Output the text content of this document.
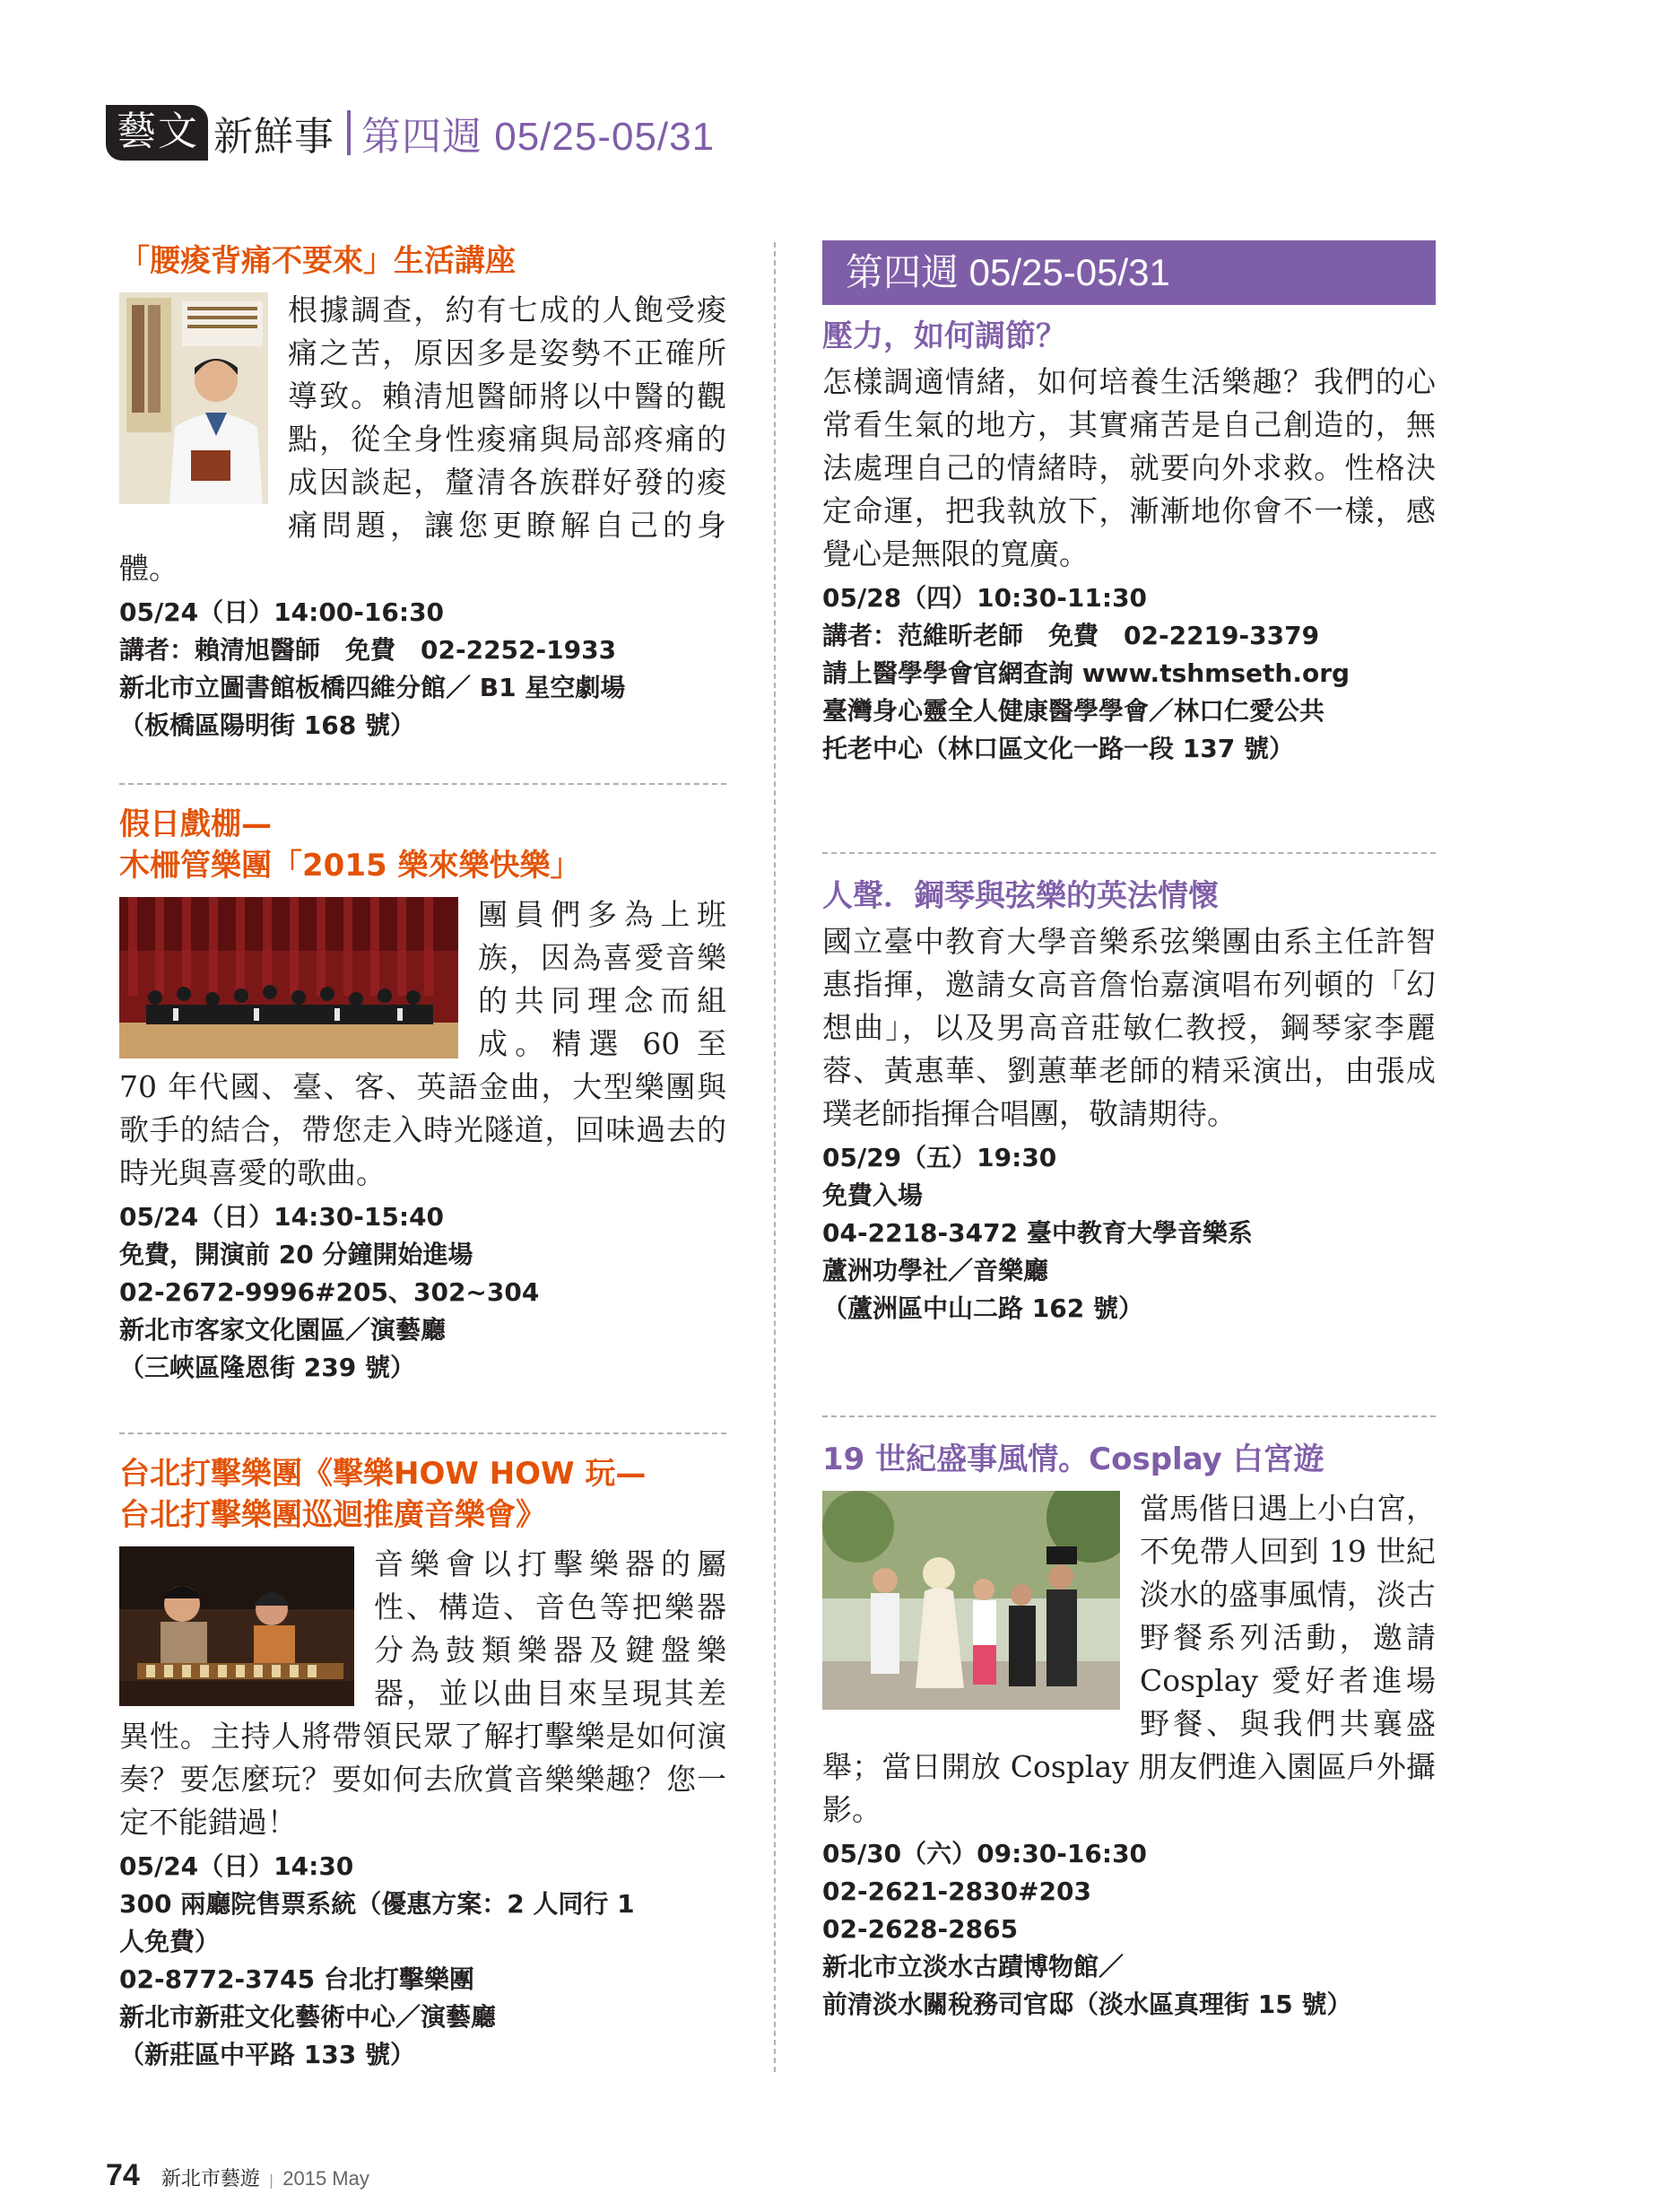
藝文 新鮮事 第四週 05/25-05/31
「腰痠背痛不要來」生活講座
根據調查，約有七成的人飽受痠痛之苦，原因多是姿勢不正確所導致。賴清旭醫師將以中醫的觀點，從全身性痠痛與局部疼痛的成因談起，釐清各族群好發的痠痛問題，讓您更瞭解自己的身體。
05/24（日）14:00-16:30
講者：賴清旭醫師　免費　02-2252-1933
新北市立圖書館板橋四維分館／ B1 星空劇場
（板橋區陽明街 168 號）
假日戲棚—
木柵管樂團「2015 樂來樂快樂」
團員們多為上班族，因為喜愛音樂的共同理念而組成。精選 60 至 70 年代國、臺、客、英語金曲，大型樂團與歌手的結合，帶您走入時光隧道，回味過去的時光與喜愛的歌曲。
05/24（日）14:30-15:40
免費，開演前 20 分鐘開始進場
02-2672-9996#205、302~304
新北市客家文化園區／演藝廳
（三峽區隆恩街 239 號）
台北打擊樂團《擊樂HOW HOW 玩—
台北打擊樂團巡迴推廣音樂會》
音樂會以打擊樂器的屬性、構造、音色等把樂器分為鼓類樂器及鍵盤樂器，並以曲目來呈現其差異性。主持人將帶領民眾了解打擊樂是如何演奏？要怎麼玩？要如何去欣賞音樂樂趣？您一定不能錯過！
05/24（日）14:30
300 兩廳院售票系統（優惠方案：2 人同行 1
人免費）
02-8772-3745 台北打擊樂團
新北市新莊文化藝術中心／演藝廳
（新莊區中平路 133 號）
第四週 05/25-05/31
壓力，如何調節？
怎樣調適情緒，如何培養生活樂趣？我們的心常看生氣的地方，其實痛苦是自己創造的，無法處理自己的情緒時，就要向外求救。性格決定命運，把我執放下，漸漸地你會不一樣，感覺心是無限的寬廣。
05/28（四）10:30-11:30
講者：范維昕老師　免費　02-2219-3379
請上醫學學會官網查詢 www.tshmseth.org
臺灣身心靈全人健康醫學學會／林口仁愛公共
托老中心（林口區文化一路一段 137 號）
人聲．鋼琴與弦樂的英法情懷
國立臺中教育大學音樂系弦樂團由系主任許智惠指揮，邀請女高音詹怡嘉演唱布列頓的「幻想曲」，以及男高音莊敏仁教授，鋼琴家李麗蓉、黃惠華、劉蕙華老師的精采演出，由張成璞老師指揮合唱團，敬請期待。
05/29（五）19:30
免費入場
04-2218-3472 臺中教育大學音樂系
蘆洲功學社／音樂廳
（蘆洲區中山二路 162 號）
19 世紀盛事風情。Cosplay 白宮遊
當馬偕日遇上小白宮，不免帶人回到 19 世紀淡水的盛事風情，淡古野餐系列活動，邀請 Cosplay 愛好者進場野餐、與我們共襄盛舉；當日開放 Cosplay 朋友們進入園區戶外攝影。
05/30（六）09:30-16:30
02-2621-2830#203
02-2628-2865
新北市立淡水古蹟博物館／
前清淡水關稅務司官邸（淡水區真理街 15 號）
74 新北市藝遊 | 2015 May
